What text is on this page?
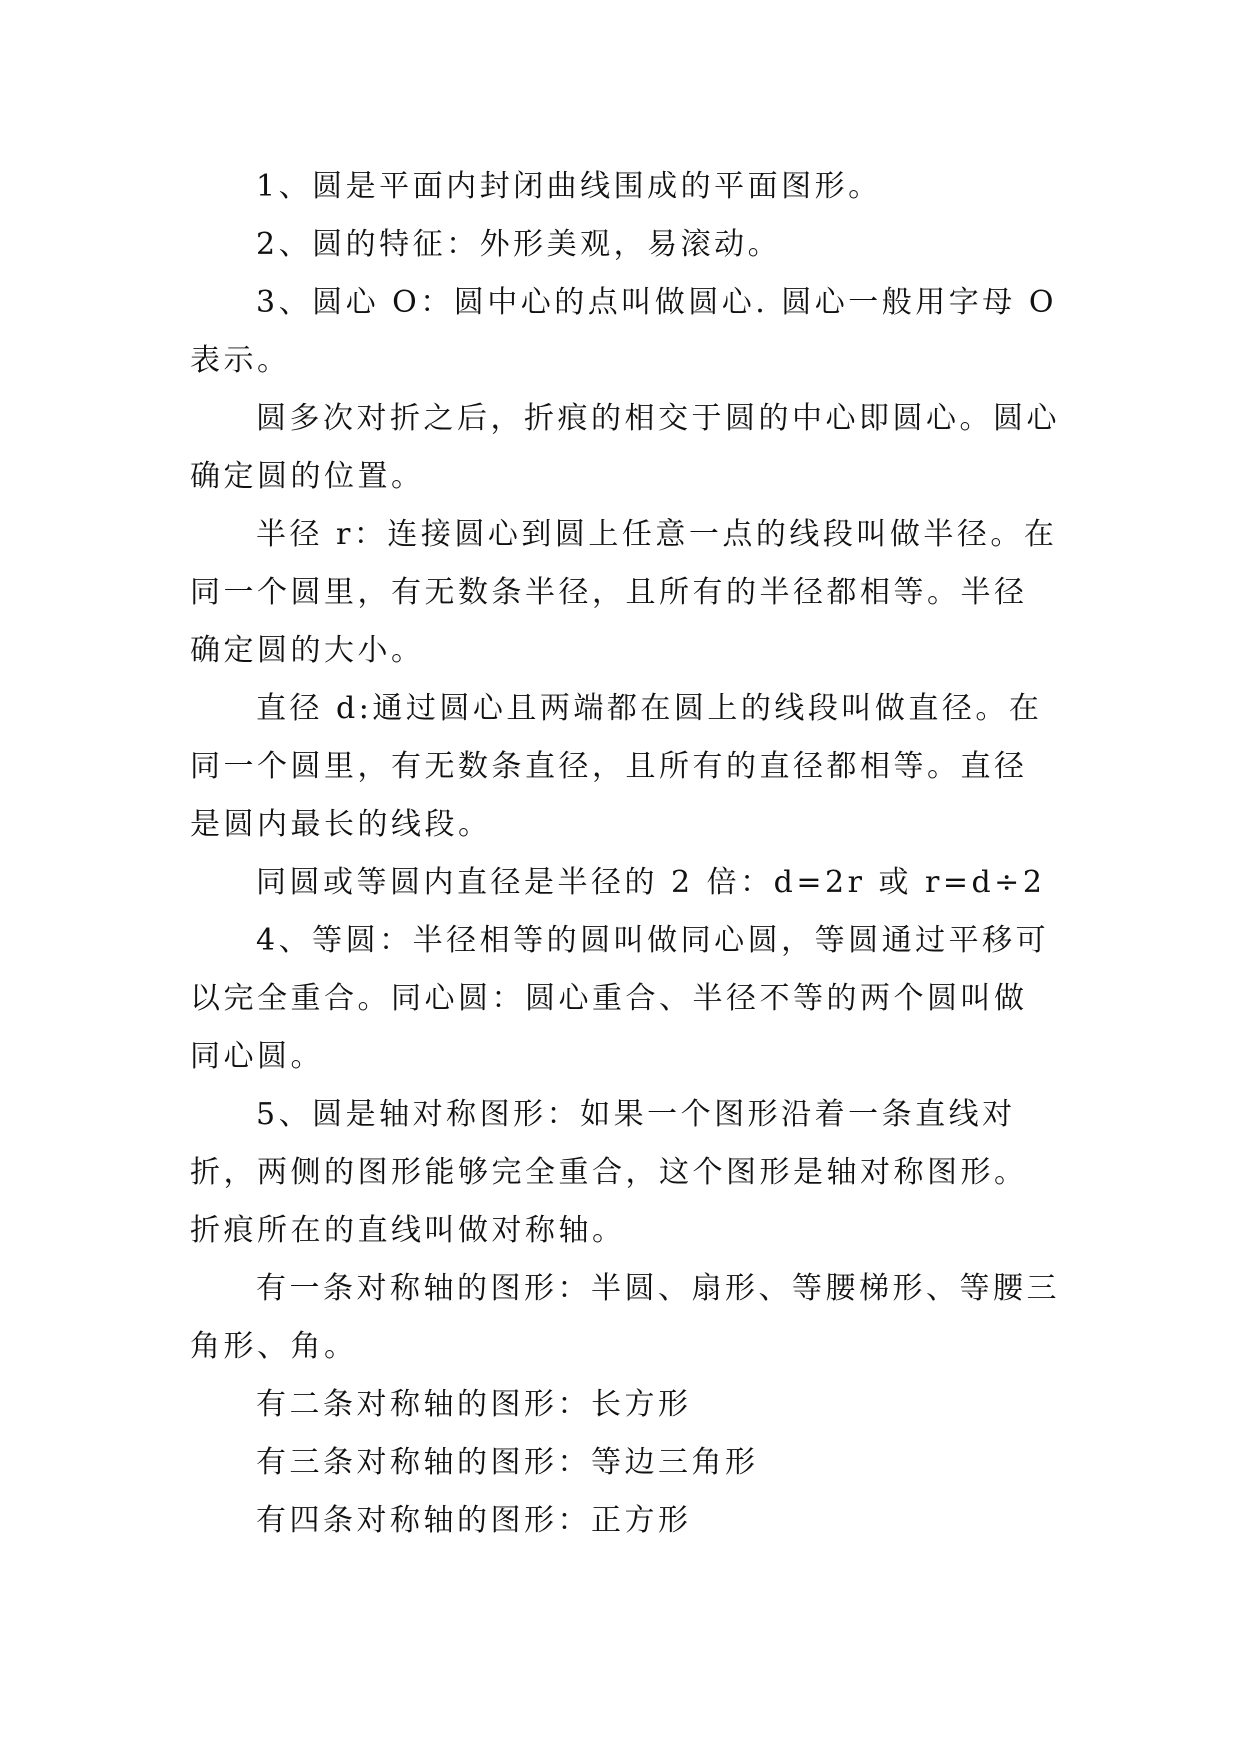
1、圆是平面内封闭曲线围成的平面图形。

2、圆的特征：外形美观，易滚动。

3、圆心 O：圆中心的点叫做圆心. 圆心一般用字母 O 表示。

圆多次对折之后，折痕的相交于圆的中心即圆心。圆心确定圆的位置。

半径 r：连接圆心到圆上任意一点的线段叫做半径。在同一个圆里，有无数条半径，且所有的半径都相等。半径确定圆的大小。

直径 d:通过圆心且两端都在圆上的线段叫做直径。在同一个圆里，有无数条直径，且所有的直径都相等。直径是圆内最长的线段。

同圆或等圆内直径是半径的 2 倍：d=2r 或 r=d÷2

4、等圆：半径相等的圆叫做同心圆，等圆通过平移可以完全重合。同心圆：圆心重合、半径不等的两个圆叫做同心圆。

5、圆是轴对称图形：如果一个图形沿着一条直线对折，两侧的图形能够完全重合，这个图形是轴对称图形。折痕所在的直线叫做对称轴。

有一条对称轴的图形：半圆、扇形、等腰梯形、等腰三角形、角。

有二条对称轴的图形：长方形

有三条对称轴的图形：等边三角形

有四条对称轴的图形：正方形
